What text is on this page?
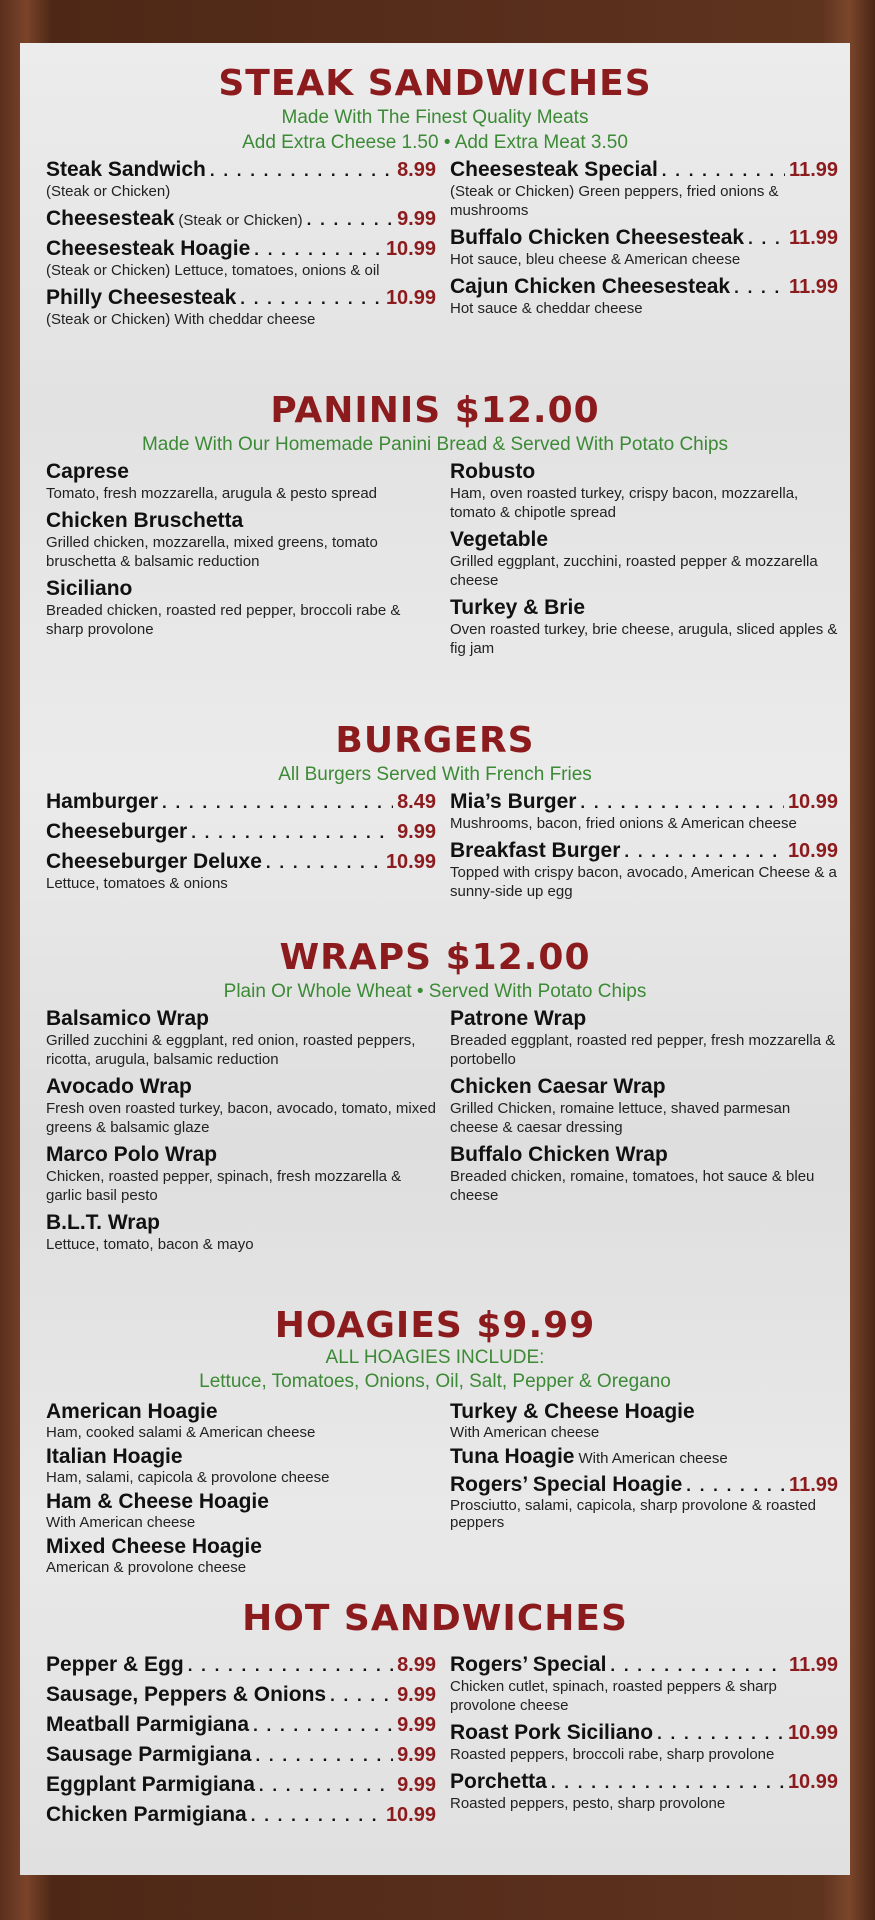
STEAK SANDWICHES
Made With The Finest Quality Meats
Add Extra Cheese 1.50 • Add Extra Meat 3.50
Steak Sandwich . . .	8.99
(Steak or Chicken)
Cheesesteak (Steak or Chicken) . . .	9.99
Cheesesteak Hoagie . . .	10.99
(Steak or Chicken) Lettuce, tomatoes, onions & oil
Philly Cheesesteak . . .	10.99
(Steak or Chicken) With cheddar cheese
Cheesesteak Special . . .	11.99
(Steak or Chicken) Green peppers, fried onions & mushrooms
Buffalo Chicken Cheesesteak . . . 11.99
Hot sauce, bleu cheese & American cheese
Cajun Chicken Cheesesteak . . .	11.99
Hot sauce & cheddar cheese
PANINIS $12.00
Made With Our Homemade Panini Bread & Served With Potato Chips
Caprese
Tomato, fresh mozzarella, arugula & pesto spread
Chicken Bruschetta
Grilled chicken, mozzarella, mixed greens, tomato bruschetta & balsamic reduction
Siciliano
Breaded chicken, roasted red pepper, broccoli rabe & sharp provolone
Robusto
Ham, oven roasted turkey, crispy bacon, mozzarella, tomato & chipotle spread
Vegetable
Grilled eggplant, zucchini, roasted pepper & mozzarella cheese
Turkey & Brie
Oven roasted turkey, brie cheese, arugula, sliced apples & fig jam
BURGERS
All Burgers Served With French Fries
Hamburger . . .	8.49
Cheeseburger . . .	9.99
Cheeseburger Deluxe . . .	10.99
Lettuce, tomatoes & onions
Mia’s Burger . . .	10.99
Mushrooms, bacon, fried onions & American cheese
Breakfast Burger . . .	10.99
Topped with crispy bacon, avocado, American Cheese & a sunny-side up egg
WRAPS $12.00
Plain Or Whole Wheat • Served With Potato Chips
Balsamico Wrap
Grilled zucchini & eggplant, red onion, roasted peppers, ricotta, arugula, balsamic reduction
Avocado Wrap
Fresh oven roasted turkey, bacon, avocado, tomato, mixed greens & balsamic glaze
Marco Polo Wrap
Chicken, roasted pepper, spinach, fresh mozzarella & garlic basil pesto
B.L.T. Wrap
Lettuce, tomato, bacon & mayo
Patrone Wrap
Breaded eggplant, roasted red pepper, fresh mozzarella & portobello
Chicken Caesar Wrap
Grilled Chicken, romaine lettuce, shaved parmesan cheese & caesar dressing
Buffalo Chicken Wrap
Breaded chicken, romaine, tomatoes, hot sauce & bleu cheese
HOAGIES $9.99
ALL HOAGIES INCLUDE:
Lettuce, Tomatoes, Onions, Oil, Salt, Pepper & Oregano
American Hoagie
Ham, cooked salami & American cheese
Italian Hoagie
Ham, salami, capicola & provolone cheese
Ham & Cheese Hoagie
With American cheese
Mixed Cheese Hoagie
American & provolone cheese
Turkey & Cheese Hoagie
With American cheese
Tuna Hoagie With American cheese
Rogers’ Special Hoagie . . .	11.99
Prosciutto, salami, capicola, sharp provolone & roasted peppers
HOT SANDWICHES
Pepper & Egg . . .	8.99
Sausage, Peppers & Onions . . .	9.99
Meatball Parmigiana . . .	9.99
Sausage Parmigiana . . .	9.99
Eggplant Parmigiana . . .	9.99
Chicken Parmigiana . . .	10.99
Rogers’ Special . . .	11.99
Chicken cutlet, spinach, roasted peppers & sharp provolone cheese
Roast Pork Siciliano . . .	10.99
Roasted peppers, broccoli rabe, sharp provolone
Porchetta . . .	10.99
Roasted peppers, pesto, sharp provolone
